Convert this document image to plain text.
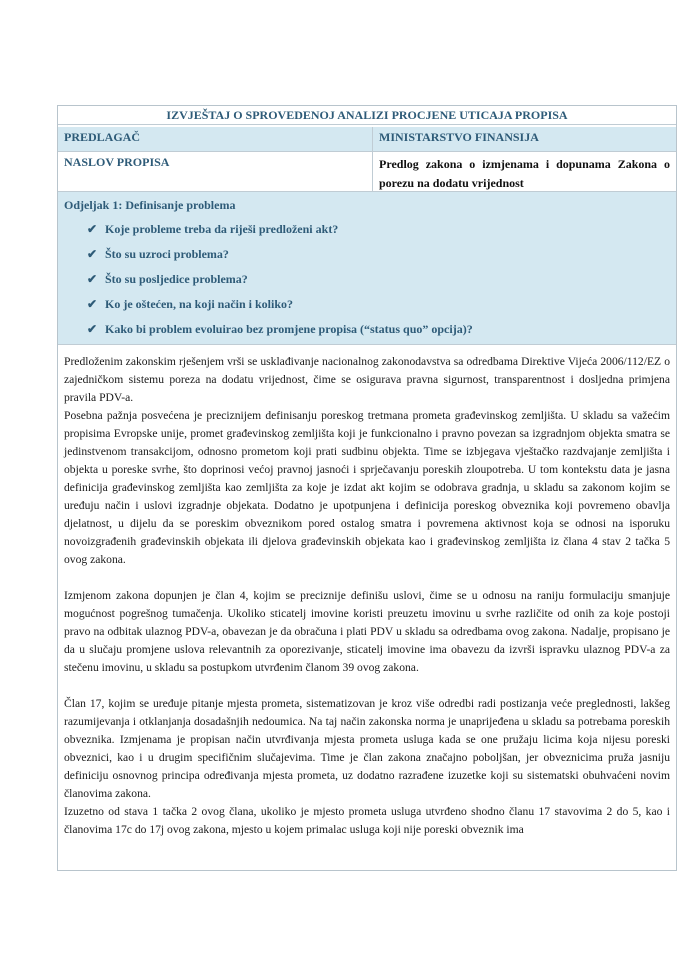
IZVJEŠTAJ O SPROVEDENOJ ANALIZI PROCJENE UTICAJA PROPISA
PREDLAGAČ	MINISTARSTVO FINANSIJA
NASLOV PROPISA	Predlog zakona o izmjenama i dopunama Zakona o porezu na dodatu vrijednost
Odjeljak 1: Definisanje problema
✔ Koje probleme treba da riješi predloženi akt?
✔ Što su uzroci problema?
✔ Što su posljedice problema?
✔ Ko je oštećen, na koji način i koliko?
✔ Kako bi problem evoluirao bez promjene propisa (“status quo” opcija)?

Predloženim zakonskim rješenjem vrši se usklađivanje nacionalnog zakonodavstva sa odredbama Direktive Vijeća 2006/112/EZ o zajedničkom sistemu poreza na dodatu vrijednost, čime se osigurava pravna sigurnost, transparentnost i dosljedna primjena pravila PDV-a.

Posebna pažnja posvećena je preciznijem definisanju poreskog tretmana prometa građevinskog zemljišta. U skladu sa važećim propisima Evropske unije, promet građevinskog zemljišta koji je funkcionalno i pravno povezan sa izgradnjom objekta smatra se jedinstvenom transakcijom, odnosno prometom koji prati sudbinu objekta. Time se izbjegava vještačko razdvajanje zemljišta i objekta u poreske svrhe, što doprinosi većoj pravnoj jasnoći i sprječavanju poreskih zloupotreba. U tom kontekstu data je jasna definicija građevinskog zemljišta kao zemljišta za koje je izdat akt kojim se odobrava gradnja, u skladu sa zakonom kojim se uređuju način i uslovi izgradnje objekata. Dodatno je upotpunjena i definicija poreskog obveznika koji povremeno obavlja djelatnost, u dijelu da se poreskim obveznikom pored ostalog smatra i povremena aktivnost koja se odnosi na isporuku novoizgrađenih građevinskih objekata ili djelova građevinskih objekata kao i građevinskog zemljišta iz člana 4 stav 2 tačka 5 ovog zakona.

Izmjenom zakona dopunjen je član 4, kojim se preciznije definišu uslovi, čime se u odnosu na raniju formulaciju smanjuje mogućnost pogrešnog tumačenja. Ukoliko sticatelj imovine koristi preuzetu imovinu u svrhe različite od onih za koje postoji pravo na odbitak ulaznog PDV-a, obavezan je da obračuna i plati PDV u skladu sa odredbama ovog zakona. Nadalje, propisano je da u slučaju promjene uslova relevantnih za oporezivanje, sticatelj imovine ima obavezu da izvrši ispravku ulaznog PDV-a za stečenu imovinu, u skladu sa postupkom utvrđenim članom 39 ovog zakona.

Član 17, kojim se uređuje pitanje mjesta prometa, sistematizovan je kroz više odredbi radi postizanja veće preglednosti, lakšeg razumijevanja i otklanjanja dosadašnjih nedoumica. Na taj način zakonska norma je unaprijeđena u skladu sa potrebama poreskih obveznika. Izmjenama je propisan način utvrđivanja mjesta prometa usluga kada se one pružaju licima koja nijesu poreski obveznici, kao i u drugim specifičnim slučajevima. Time je član zakona značajno poboljšan, jer obveznicima pruža jasniju definiciju osnovnog principa određivanja mjesta prometa, uz dodatno razrađene izuzetke koji su sistematski obuhvaćeni novim članovima zakona.

Izuzetno od stava 1 tačka 2 ovog člana, ukoliko je mjesto prometa usluga utvrđeno shodno članu 17 stavovima 2 do 5, kao i članovima 17c do 17j ovog zakona, mjesto u kojem primalac usluga koji nije poreski obveznik ima
